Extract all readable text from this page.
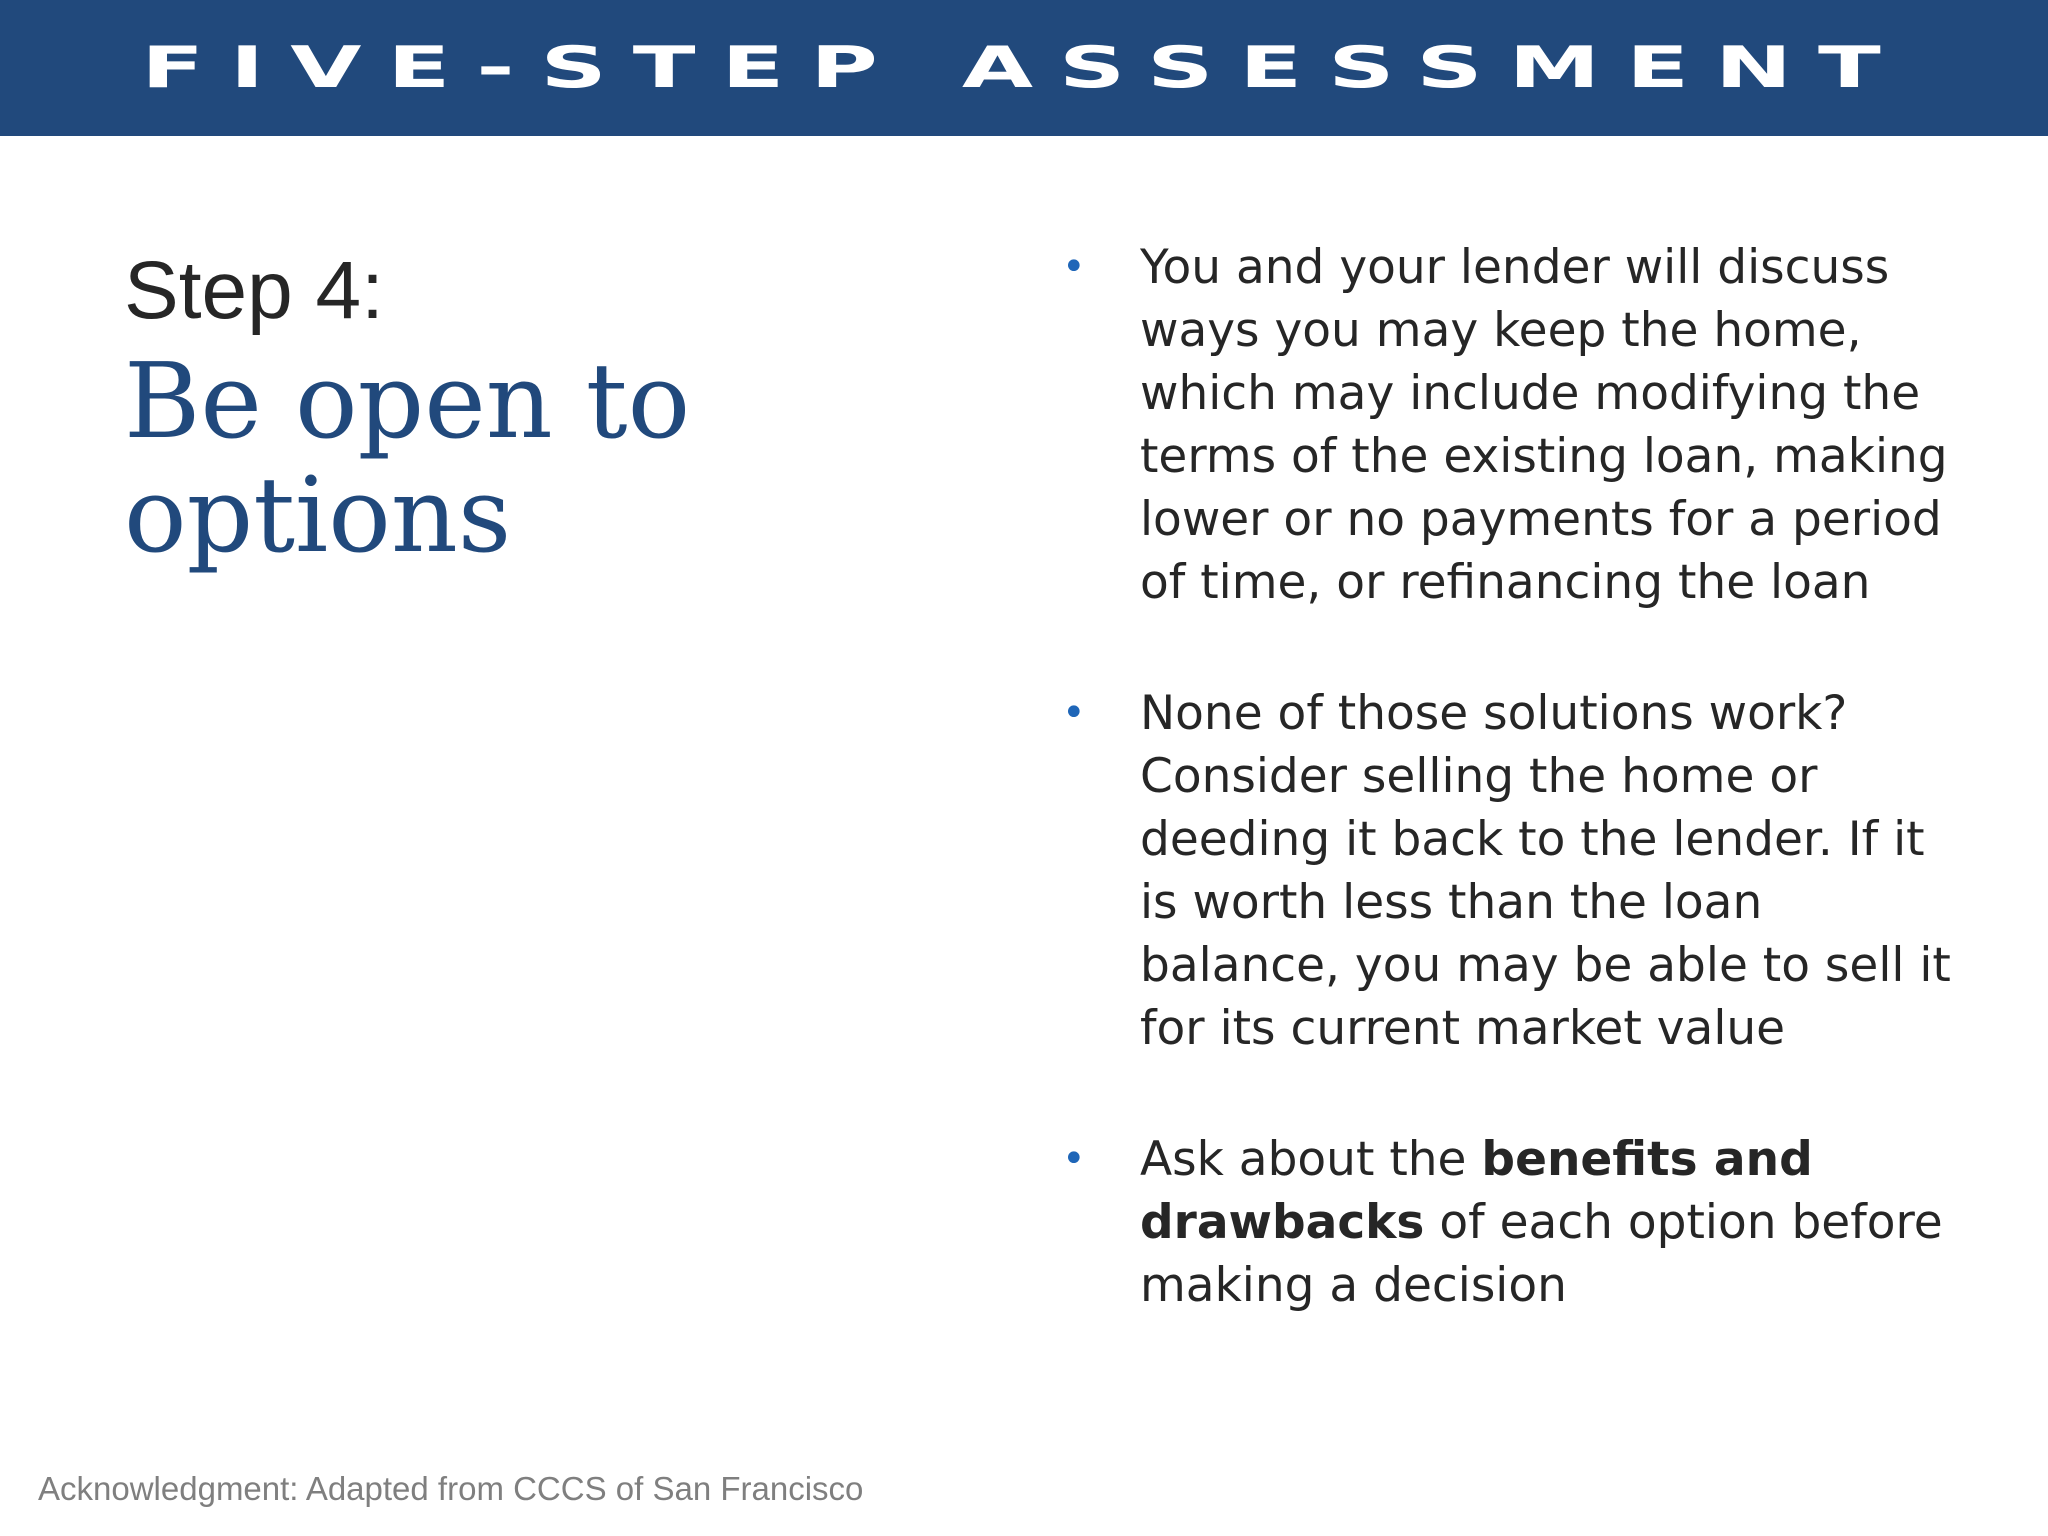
FIVE-STEP ASSESSMENT
Step 4:
Be open to options
• You and your lender will discuss ways you may keep the home, which may include modifying the terms of the existing loan, making lower or no payments for a period of time, or refinancing the loan
• None of those solutions work? Consider selling the home or deeding it back to the lender. If it is worth less than the loan balance, you may be able to sell it for its current market value
• Ask about the benefits and drawbacks of each option before making a decision
Acknowledgment: Adapted from CCCS of San Francisco
